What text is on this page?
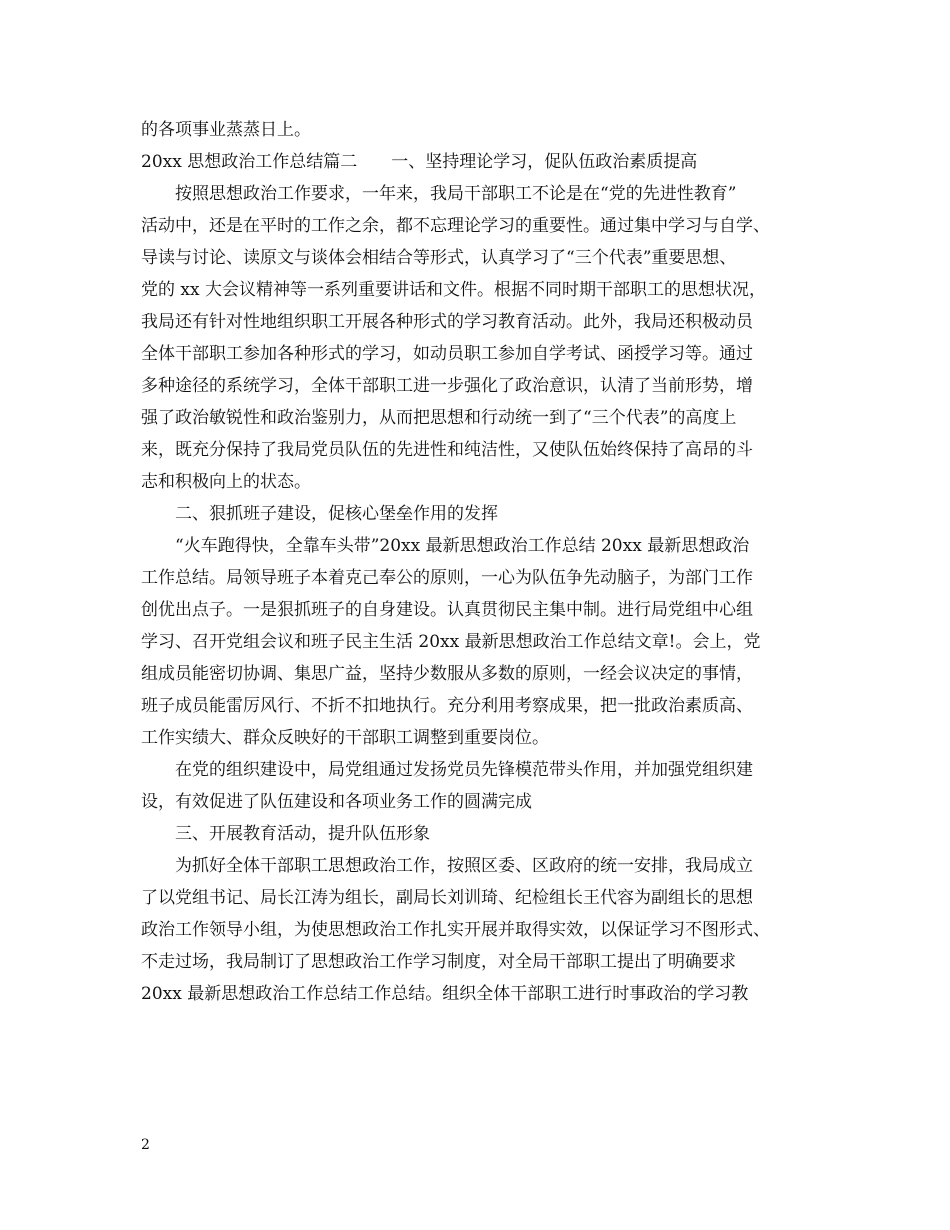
的各项事业蒸蒸日上。
20xx 思想政治工作总结篇二　　一、坚持理论学习，促队伍政治素质提高
按照思想政治工作要求，一年来，我局干部职工不论是在“党的先进性教育”
活动中，还是在平时的工作之余，都不忘理论学习的重要性。通过集中学习与自学、
导读与讨论、读原文与谈体会相结合等形式，认真学习了“三个代表”重要思想、
党的 xx 大会议精神等一系列重要讲话和文件。根据不同时期干部职工的思想状况，
我局还有针对性地组织职工开展各种形式的学习教育活动。此外，我局还积极动员
全体干部职工参加各种形式的学习，如动员职工参加自学考试、函授学习等。通过
多种途径的系统学习，全体干部职工进一步强化了政治意识，认清了当前形势，增
强了政治敏锐性和政治鉴别力，从而把思想和行动统一到了“三个代表”的高度上
来，既充分保持了我局党员队伍的先进性和纯洁性，又使队伍始终保持了高昂的斗
志和积极向上的状态。
二、狠抓班子建设，促核心堡垒作用的发挥
“火车跑得快，全靠车头带”20xx 最新思想政治工作总结 20xx 最新思想政治
工作总结。局领导班子本着克己奉公的原则，一心为队伍争先动脑子，为部门工作
创优出点子。一是狠抓班子的自身建设。认真贯彻民主集中制。进行局党组中心组
学习、召开党组会议和班子民主生活 20xx 最新思想政治工作总结文章!。会上，党
组成员能密切协调、集思广益，坚持少数服从多数的原则，一经会议决定的事情，
班子成员能雷厉风行、不折不扣地执行。充分利用考察成果，把一批政治素质高、
工作实绩大、群众反映好的干部职工调整到重要岗位。
在党的组织建设中，局党组通过发扬党员先锋模范带头作用，并加强党组织建
设，有效促进了队伍建设和各项业务工作的圆满完成
三、开展教育活动，提升队伍形象
为抓好全体干部职工思想政治工作，按照区委、区政府的统一安排，我局成立
了以党组书记、局长江涛为组长，副局长刘训琦、纪检组长王代容为副组长的思想
政治工作领导小组，为使思想政治工作扎实开展并取得实效，以保证学习不图形式、
不走过场，我局制订了思想政治工作学习制度，对全局干部职工提出了明确要求
20xx 最新思想政治工作总结工作总结。组织全体干部职工进行时事政治的学习教
2
